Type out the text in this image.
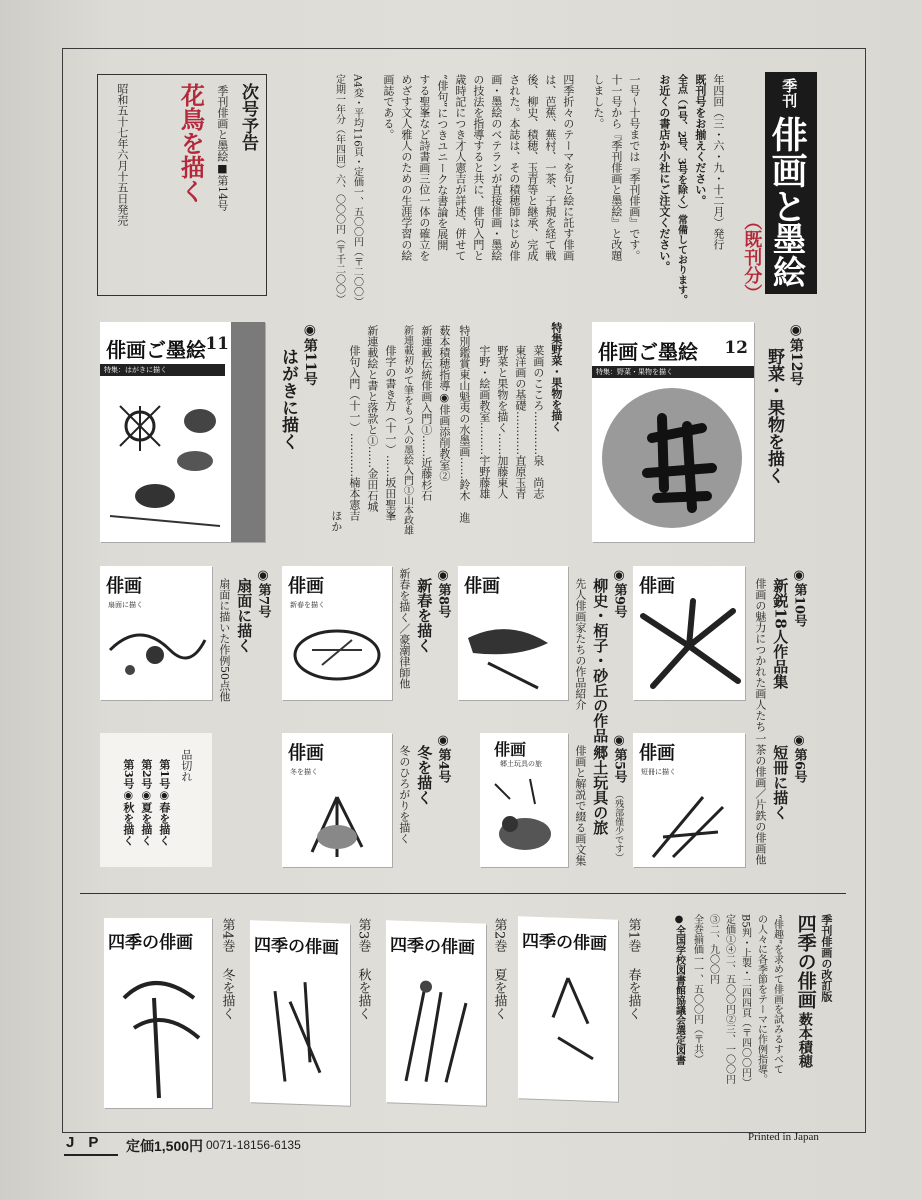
季刊
俳画と
墨絵
（既刊分）
年四回（三・六・九・十二月）発行
既刊号をお揃えください。
全点（1号、2号、3号を除く）常備しております。
お近くの書店か小社にご注文ください。
一号〜十号までは『季刊俳画』です。
十一号から『季刊俳画と墨絵』と改題
しました。
四季折々のテーマを句と絵に託す俳画
は、芭蕉、蕪村、一茶、子規を経て戦
後、柳史、積穂、玉青等と継承、完成
された。本誌は、その積穂師はじめ俳
画・墨絵のベテランが直接俳画・墨絵
の技法を指導すると共に、俳句入門と
歳時記につき才人憲吉が詳述、併せて
“俳句”につきユニークな書論を展開
する聖峯など詩書画三位一体の確立を
めざす文人雅人のための生涯学習の絵
画誌である。
A4変・平均116頁・定価一、五〇〇円（〒二〇〇）
定期一年分（年四回）六、〇〇〇円（〒千二〇〇）
次号予告
季刊俳画と墨絵■第14号
花鳥を描く
昭和五十七年六月十五日発売
◉第12号
野菜・果物を描く
俳画ご墨絵 12
特集：野菜・果物を描く
特集野菜・果物を描く
菜画のこころ…………泉　尚志
東洋画の基礎…………直原玉青
野菜と果物を描く……加藤東人
宇野・絵画教室………宇野藤雄
特別鑑賞東山魁夷の水墨画……鈴木　進
薮本積穂指導◉俳画添削教室②
新連載伝統俳画入門①……近藤杉石
新連載初めて筆をもつ人の墨絵入門①山本政雄
俳字の書き方（十一）……坂田聖峯
新連載絵と書と落款と①……金田石城
俳句入門（十一）…………楠本憲吉
ほか
◉第11号
はがきに描く
俳画ご墨絵 11
特集：はがきに描く
◉第10号
新鋭18人作品集
俳画の魅力につかれた画人たち
俳画
◉第9号
柳史・栢子・砂丘の作品
先人俳画家たちの作品紹介
俳画
◉第8号
新春を描く
新春を描く／豪潮律師他
俳画
新春を描く
◉第7号
扇面に描く
扇面に描いた作例50点他
俳画
扇面に描く
◉第6号
短冊に描く
一茶の俳画／片鉄の俳画他
俳画
短冊に描く
◉第5号
（残部僅少です）
郷土玩具の旅
俳画と解説で綴る画文集
俳画
郷土玩具の旅
◉第4号
冬を描く
冬のひろがりを描く
俳画
冬を描く
品切れ
第1号◉春を描く
第2号◉夏を描く
第3号◉秋を描く
季刊俳画の改訂版
四季の俳画
薮本積穂
“俳趣”を求めて俳画を試みるすべて
の人々に各季節をテーマに作例指導。
B5判・上製・二四四頁（〒四〇〇円）
定価①④二、五〇〇円②三、一〇〇円
③二、九〇〇円
全巻揃価一一、五〇〇円（〒共）
●全国学校図書館協議会選定図書
第1巻
春を描く
四季の俳画
第2巻
夏を描く
四季の俳画
第3巻
秋を描く
四季の俳画
第4巻
冬を描く
四季の俳画
JP 定価1,500円 0071-18156-6135
Printed in Japan
